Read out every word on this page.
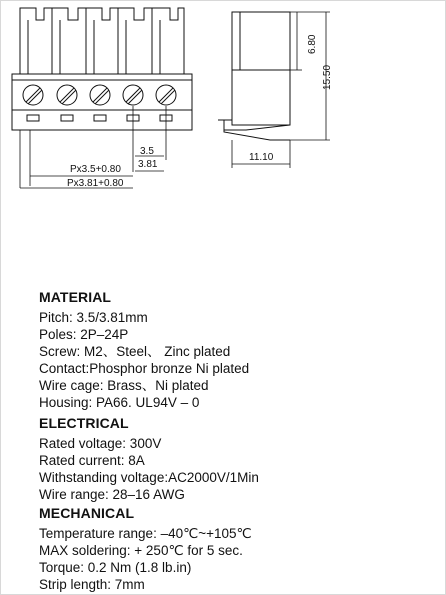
3.5
3.81
Px3.5+0.80
Px3.81+0.80
11.10
6.80
15.50
MATERIAL
Pitch: 3.5/3.81mm
Poles: 2P–24P
Screw: M2、Steel、 Zinc plated
Contact:Phosphor bronze Ni plated
Wire cage: Brass、Ni plated
Housing: PA66. UL94V – 0
ELECTRICAL
Rated voltage: 300V
Rated current: 8A
Withstanding voltage:AC2000V/1Min
Wire range: 28–16 AWG
MECHANICAL
Temperature range: –40℃~+105℃
MAX soldering: + 250℃ for 5 sec.
Torque: 0.2 Nm (1.8 lb.in)
Strip length: 7mm
